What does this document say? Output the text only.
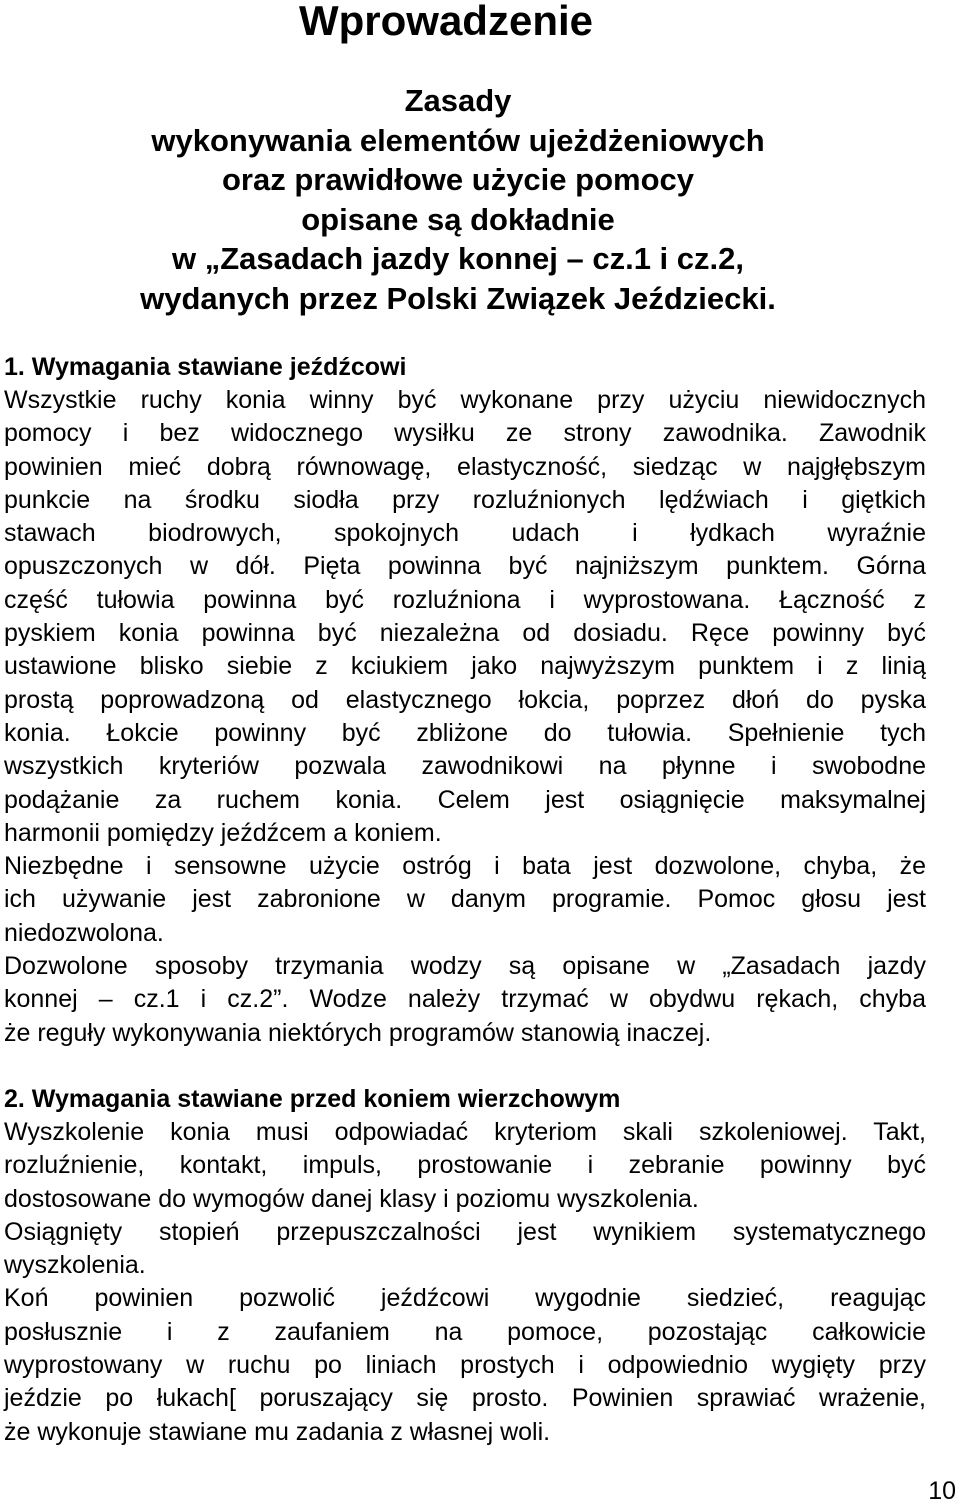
Wprowadzenie
Zasady
wykonywania elementów ujeżdżeniowych
oraz prawidłowe użycie pomocy
opisane są dokładnie
w „Zasadach jazdy konnej – cz.1 i cz.2,
wydanych przez Polski Związek Jeździecki.
1. Wymagania stawiane jeźdźcowi
Wszystkie ruchy konia winny być wykonane przy użyciu niewidocznych
pomocy i bez widocznego wysiłku ze strony zawodnika. Zawodnik
powinien mieć dobrą równowagę, elastyczność, siedząc w najgłębszym
punkcie na środku siodła przy rozluźnionych lędźwiach i giętkich
stawach biodrowych, spokojnych udach i łydkach wyraźnie
opuszczonych w dół. Pięta powinna być najniższym punktem. Górna
część tułowia powinna być rozluźniona i wyprostowana. Łączność z
pyskiem konia powinna być niezależna od dosiadu. Ręce powinny być
ustawione blisko siebie z kciukiem jako najwyższym punktem i z linią
prostą poprowadzoną od elastycznego łokcia, poprzez dłoń do pyska
konia. Łokcie powinny być zbliżone do tułowia. Spełnienie tych
wszystkich kryteriów pozwala zawodnikowi na płynne i swobodne
podążanie za ruchem konia. Celem jest osiągnięcie maksymalnej
harmonii pomiędzy jeźdźcem a koniem.
Niezbędne i sensowne użycie ostróg i bata jest dozwolone, chyba, że
ich używanie jest zabronione w danym programie. Pomoc głosu jest
niedozwolona.
Dozwolone sposoby trzymania wodzy są opisane w „Zasadach jazdy
konnej – cz.1 i cz.2”. Wodze należy trzymać w obydwu rękach, chyba
że reguły wykonywania niektórych programów stanowią inaczej.
2. Wymagania stawiane przed koniem wierzchowym
Wyszkolenie konia musi odpowiadać kryteriom skali szkoleniowej. Takt,
rozluźnienie, kontakt, impuls, prostowanie i zebranie powinny być
dostosowane do wymogów danej klasy i poziomu wyszkolenia.
Osiągnięty stopień przepuszczalności jest wynikiem systematycznego
wyszkolenia.
Koń powinien pozwolić jeźdźcowi wygodnie siedzieć, reagując
posłusznie i z zaufaniem na pomoce, pozostając całkowicie
wyprostowany w ruchu po liniach prostych i odpowiednio wygięty przy
jeździe po łukach[ poruszający się prosto. Powinien sprawiać wrażenie,
że wykonuje stawiane mu zadania z własnej woli.
10
